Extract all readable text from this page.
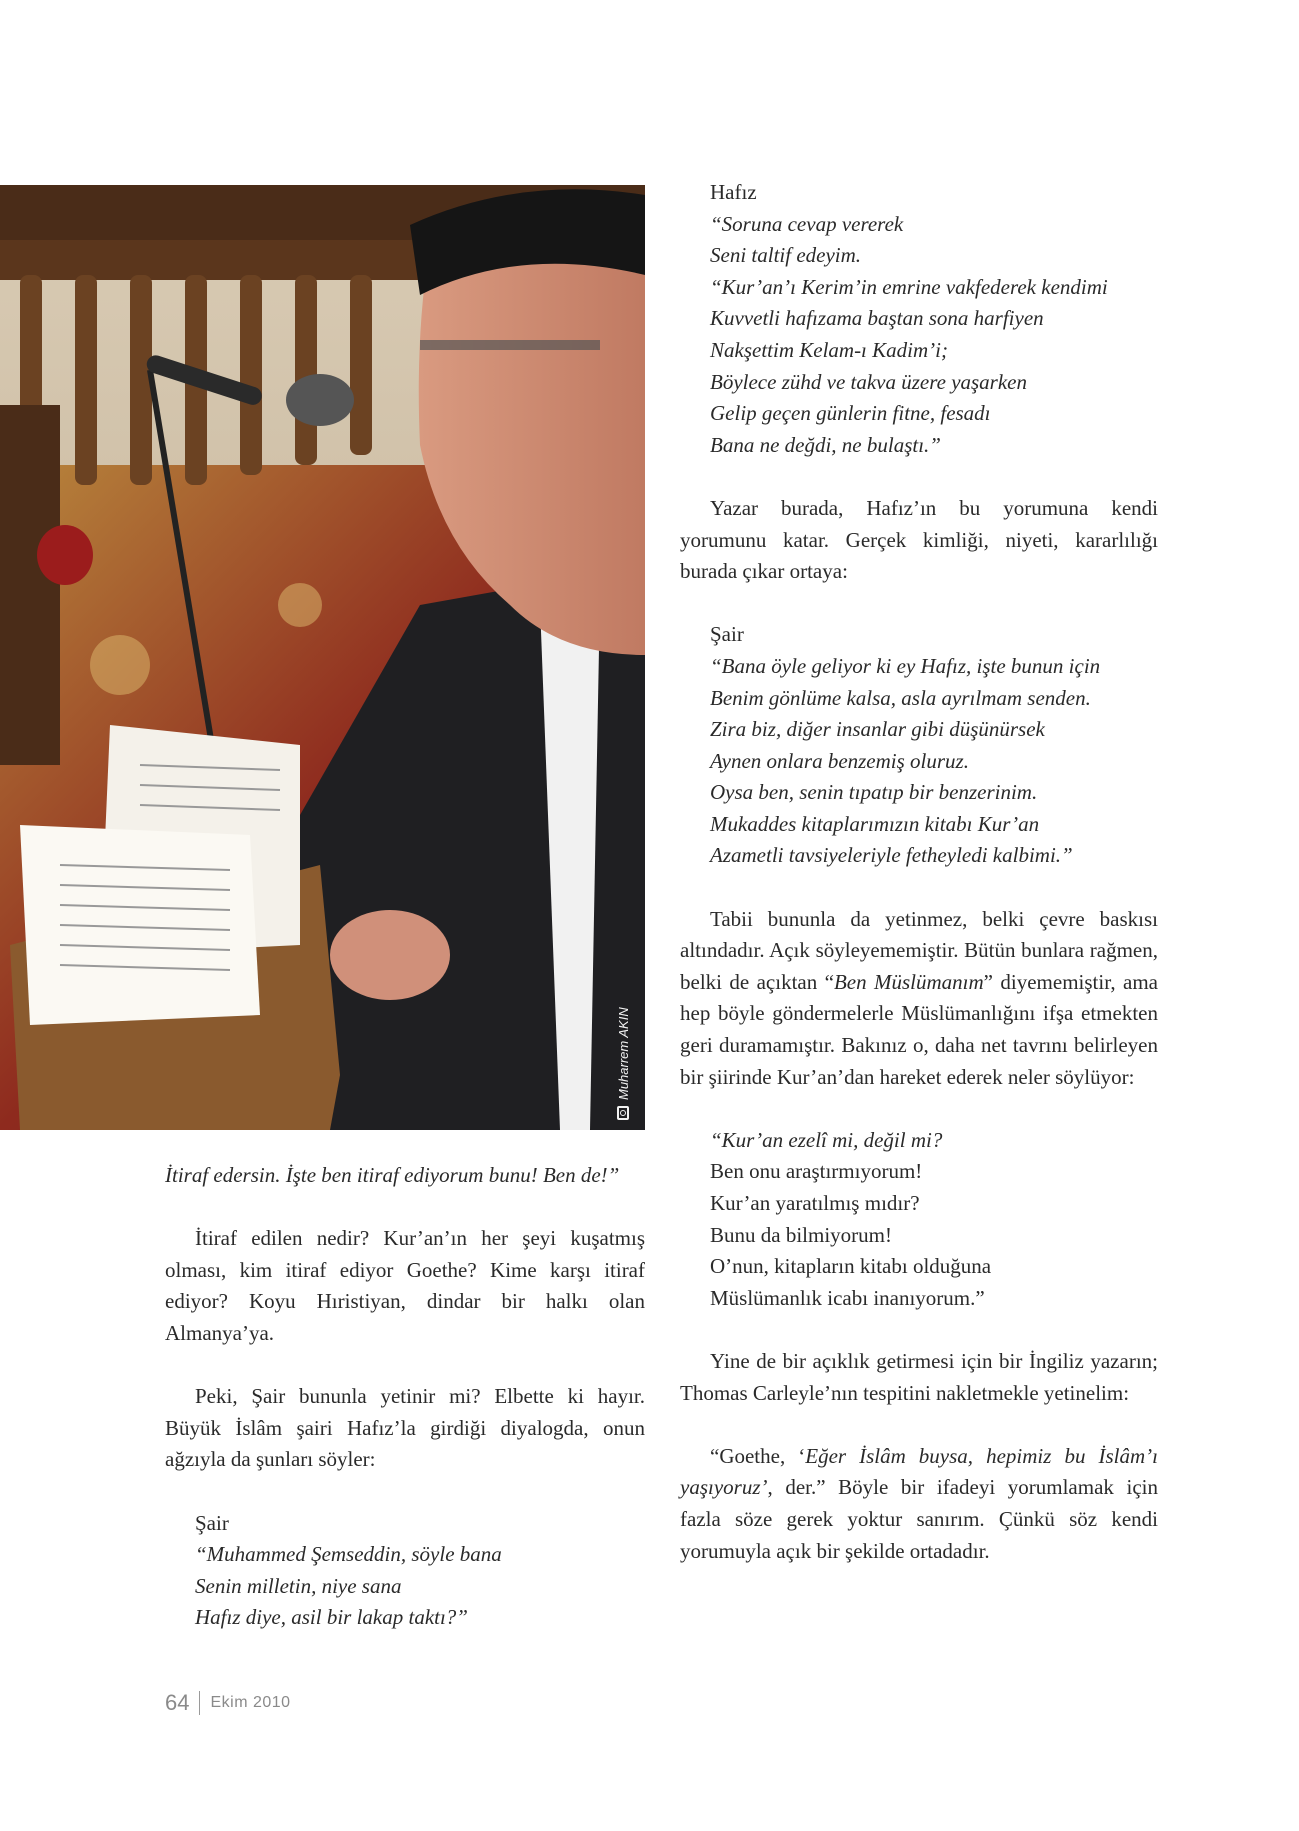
Muharrem AKIN

İtiraf edersin. İşte ben itiraf ediyorum bunu! Ben de!”

İtiraf edilen nedir? Kur’an’ın her şeyi kuşatmış olması, kim itiraf ediyor Goethe? Kime karşı itiraf ediyor? Koyu Hıristiyan, dindar bir halkı olan Almanya’ya.

Peki, Şair bununla yetinir mi? Elbette ki hayır. Büyük İslâm şairi Hafız’la girdiği diyalogda, onun ağzıyla da şunları söyler:

Şair
“Muhammed Şemseddin, söyle bana
Senin milletin, niye sana
Hafız diye, asil bir lakap taktı?”
Hafız
“Soruna cevap vererek
Seni taltif edeyim.
“Kur’an’ı Kerim’in emrine vakfederek kendimi
Kuvvetli hafızama baştan sona harfiyen
Nakşettim Kelam-ı Kadim’i;
Böylece zühd ve takva üzere yaşarken
Gelip geçen günlerin fitne, fesadı
Bana ne değdi, ne bulaştı.”

Yazar burada, Hafız’ın bu yorumuna kendi yorumunu katar. Gerçek kimliği, niyeti, kararlılığı burada çıkar ortaya:

Şair
“Bana öyle geliyor ki ey Hafız, işte bunun için
Benim gönlüme kalsa, asla ayrılmam senden.
Zira biz, diğer insanlar gibi düşünürsek
Aynen onlara benzemiş oluruz.
Oysa ben, senin tıpatıp bir benzerinim.
Mukaddes kitaplarımızın kitabı Kur’an
Azametli tavsiyeleriyle fetheyledi kalbimi.”

Tabii bununla da yetinmez, belki çevre baskısı altındadır. Açık söyleyememiştir. Bütün bunlara rağmen, belki de açıktan “Ben Müslümanım” diyememiştir, ama hep böyle göndermelerle Müslümanlığını ifşa etmekten geri duramamıştır. Bakınız o, daha net tavrını belirleyen bir şiirinde Kur’an’dan hareket ederek neler söylüyor:

“Kur’an ezelî mi, değil mi?
Ben onu araştırmıyorum!
Kur’an yaratılmış mıdır?
Bunu da bilmiyorum!
O’nun, kitapların kitabı olduğuna
Müslümanlık icabı inanıyorum.”

Yine de bir açıklık getirmesi için bir İngiliz yazarın; Thomas Carleyle’nın tespitini nakletmekle yetinelim:

“Goethe, ‘Eğer İslâm buysa, hepimiz bu İslâm’ı yaşıyoruz’, der.” Böyle bir ifadeyi yorumlamak için fazla söze gerek yoktur sanırım. Çünkü söz kendi yorumuyla açık bir şekilde ortadadır.

64 Ekim 2010
